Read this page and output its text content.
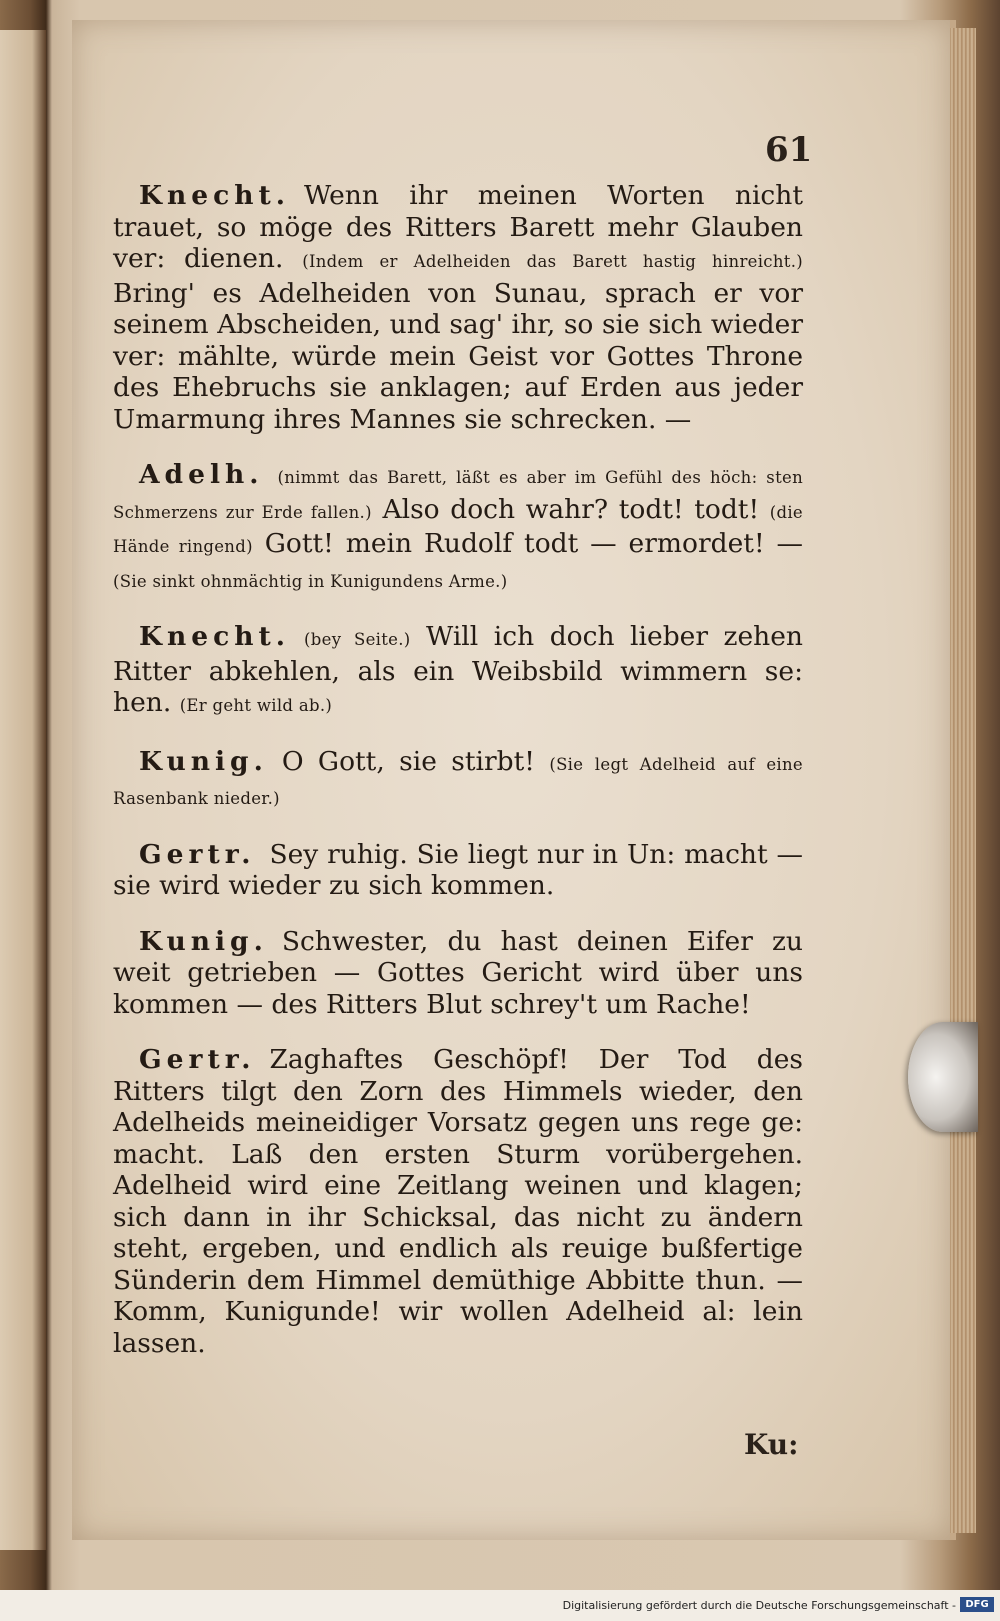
61

Knecht. Wenn ihr meinen Worten nicht trauet, so möge des Ritters Barett mehr Glauben ver: dienen. (Indem er Adelheiden das Barett hastig hinreicht.) Bring' es Adelheiden von Sunau, sprach er vor seinem Abscheiden, und sag' ihr, so sie sich wieder ver: mählte, würde mein Geist vor Gottes Throne des Ehebruchs sie anklagen; auf Erden aus jeder Umarmung ihres Mannes sie schrecken. —

Adelh. (nimmt das Barett, läßt es aber im Gefühl des höch: sten Schmerzens zur Erde fallen.) Also doch wahr? todt! todt! (die Hände ringend) Gott! mein Rudolf todt — ermordet! — (Sie sinkt ohnmächtig in Kunigundens Arme.)

Knecht. (bey Seite.) Will ich doch lieber zehen Ritter abkehlen, als ein Weibsbild wimmern se: hen. (Er geht wild ab.)

Kunig. O Gott, sie stirbt! (Sie legt Adelheid auf eine Rasenbank nieder.)

Gertr. Sey ruhig. Sie liegt nur in Un: macht — sie wird wieder zu sich kommen.

Kunig. Schwester, du hast deinen Eifer zu weit getrieben — Gottes Gericht wird über uns kommen — des Ritters Blut schrey't um Rache!

Gertr. Zaghaftes Geschöpf! Der Tod des Ritters tilgt den Zorn des Himmels wieder, den Adelheids meineidiger Vorsatz gegen uns rege ge: macht. Laß den ersten Sturm vorübergehen. Adelheid wird eine Zeitlang weinen und klagen; sich dann in ihr Schicksal, das nicht zu ändern steht, ergeben, und endlich als reuige bußfertige Sünderin dem Himmel demüthige Abbitte thun. — Komm, Kunigunde! wir wollen Adelheid al: lein lassen.

Ku:
Digitalisierung gefördert durch die Deutsche Forschungsgemeinschaft - DFG
